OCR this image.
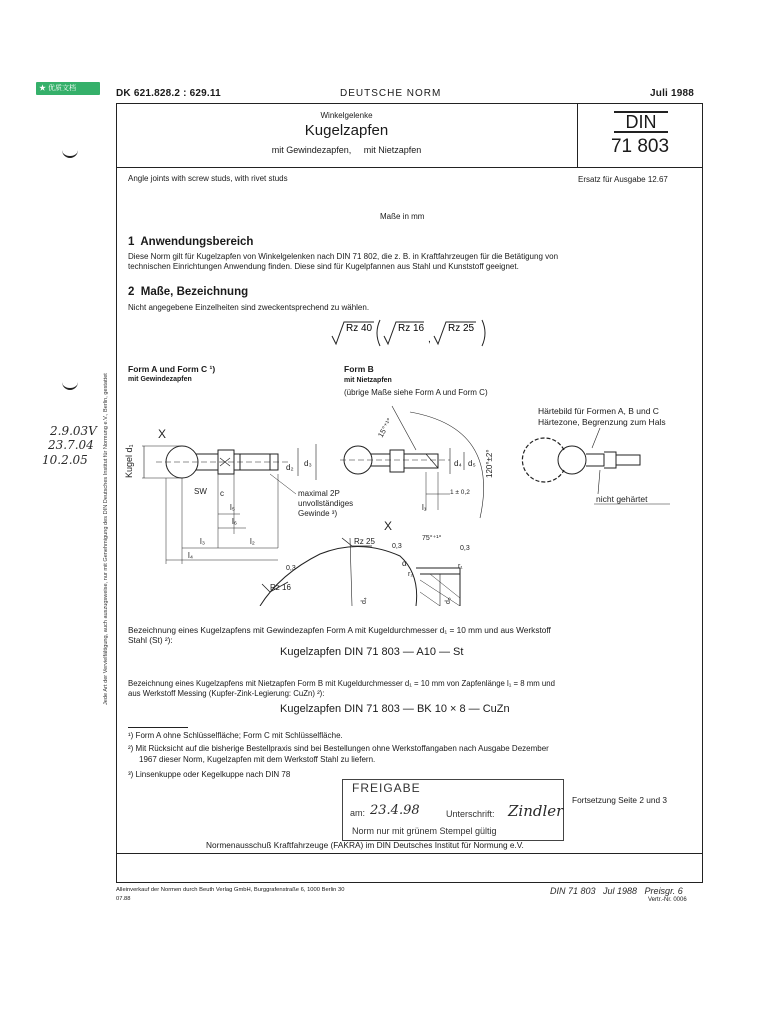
★ 优质文档
2.9.03V
23.7.04
10.2.05	Jede Art der Vervielfältigung, auch auszugsweise, nur mit Genehmigung des DIN Deutsches Institut für Normung e.V., Berlin, gestattet
DK 621.828.2 : 629.11	DEUTSCHE NORM	Juli 1988
Winkelgelenke
Kugelzapfen
mit Gewindezapfen,     mit Nietzapfen
DIN
71 803
Angle joints with screw studs, with rivet studs	Ersatz für Ausgabe 12.67
Maße in mm
1  Anwendungsbereich
Diese Norm gilt für Kugelzapfen von Winkelgelenken nach DIN 71 802, die z. B. in Kraftfahrzeugen für die Betätigung von
technischen Einrichtungen Anwendung finden. Diese sind für Kugelpfannen aus Stahl und Kunststoff geeignet.
2  Maße, Bezeichnung
Nicht angegebene Einzelheiten sind zweckentsprechend zu wählen.
Rz 40	Rz 16
,
Rz 25
Form A und Form C ¹)
mit Gewindezapfen
Form B
mit Nietzapfen
(übrige Maße siehe Form A und Form C)
Härtebild für Formen A, B und C
Härtezone, Begrenzung zum Hals
X
Kugel d₁	d₂ d₃
SW c
l₅
l₆
l₃	l₂
l₄
maximal 2P
unvollständiges
Gewinde ³)
15°⁺¹°
120°±2°
d₄ d₅
1 ± 0,2
l₁
nicht gehärtet
X
Rz 25
Rz 16
0,3
0,3
0,3
75°⁺¹°
α	r₁
r₂
d₄	d₅
Bezeichnung eines Kugelzapfens mit Gewindezapfen Form A mit Kugeldurchmesser d₁ = 10 mm und aus Werkstoff
Stahl (St) ²):
Kugelzapfen DIN 71 803 — A10 — St
Bezeichnung eines Kugelzapfens mit Nietzapfen Form B mit Kugeldurchmesser d₁ = 10 mm von Zapfenlänge l₁ = 8 mm und
aus Werkstoff Messing (Kupfer-Zink-Legierung: CuZn) ²):
Kugelzapfen DIN 71 803 — BK 10 × 8 — CuZn
¹) Form A ohne Schlüsselfläche; Form C mit Schlüsselfläche.
²) Mit Rücksicht auf die bisherige Bestellpraxis sind bei Bestellungen ohne Werkstoffangaben nach Ausgabe Dezember
1967 dieser Norm, Kugelzapfen mit dem Werkstoff Stahl zu liefern.
³) Linsenkuppe oder Kegelkuppe nach DIN 78
FREIGABE
am: 23.4.98	Unterschrift: Zindler
Norm nur mit grünem Stempel gültig
Fortsetzung Seite 2 und 3
Normenausschuß Kraftfahrzeuge (FAKRA) im DIN Deutsches Institut für Normung e.V.
Alleinverkauf der Normen durch Beuth Verlag GmbH, Burggrafenstraße 6, 1000 Berlin 30
07.88
DIN 71 803   Jul 1988   Preisgr. 6
Vertr.-Nr. 0006
